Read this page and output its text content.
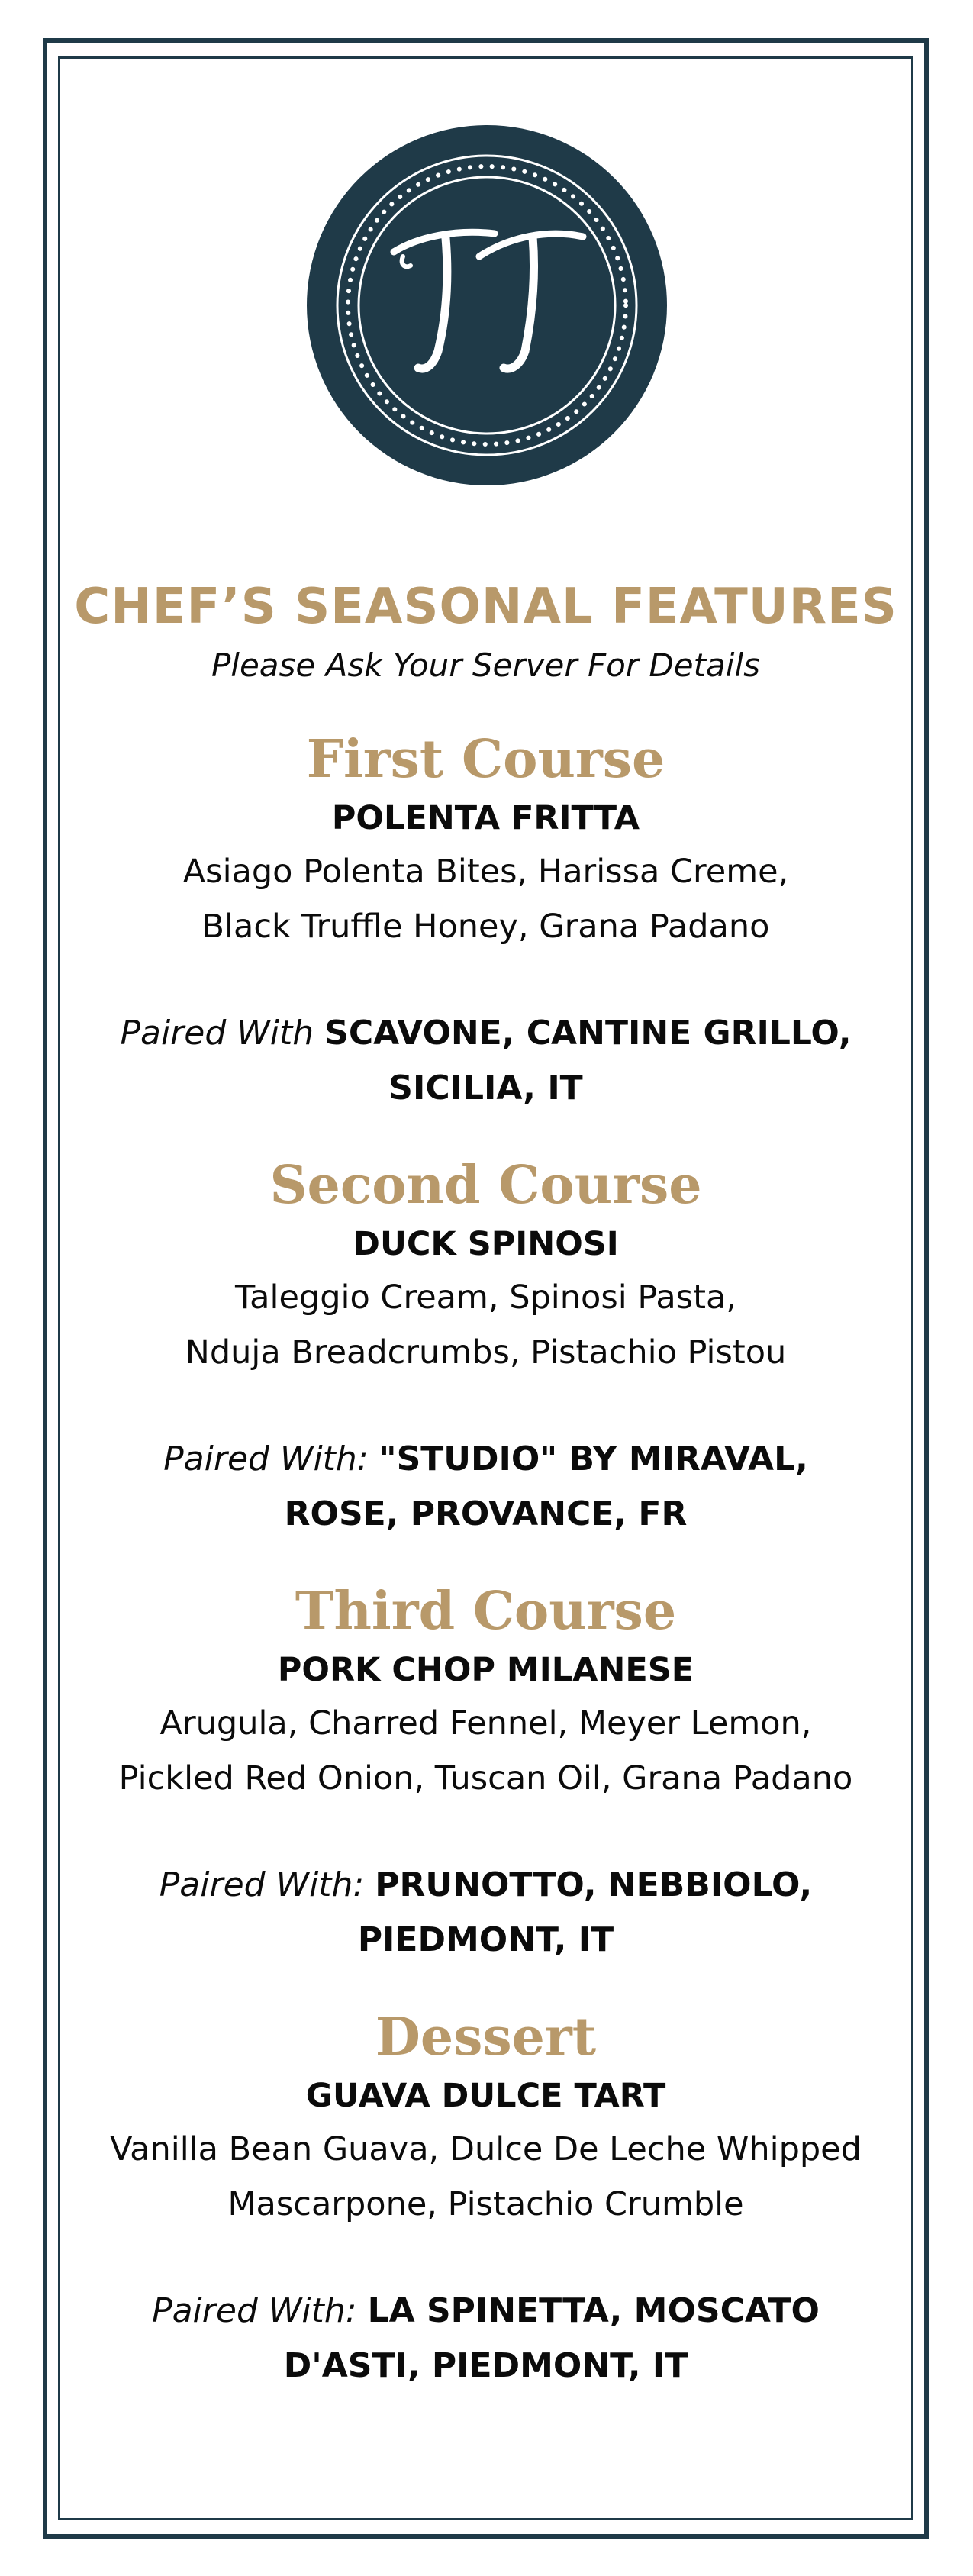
CHEF’S SEASONAL FEATURES

Please Ask Your Server For Details

First Course

POLENTA FRITTA

Asiago Polenta Bites, Harissa Creme,

Black Truffle Honey, Grana Padano

Paired With SCAVONE, CANTINE GRILLO,
SICILIA, IT
Second Course

DUCK SPINOSI

Taleggio Cream, Spinosi Pasta,

Nduja Breadcrumbs, Pistachio Pistou

Paired With: "STUDIO" BY MIRAVAL,
ROSE, PROVANCE, FR
Third Course

PORK CHOP MILANESE

Arugula, Charred Fennel, Meyer Lemon,

Pickled Red Onion, Tuscan Oil, Grana Padano

Paired With: PRUNOTTO, NEBBIOLO,
PIEDMONT, IT
Dessert

GUAVA DULCE TART

Vanilla Bean Guava, Dulce De Leche Whipped

Mascarpone, Pistachio Crumble

Paired With: LA SPINETTA, MOSCATO
D'ASTI, PIEDMONT, IT
